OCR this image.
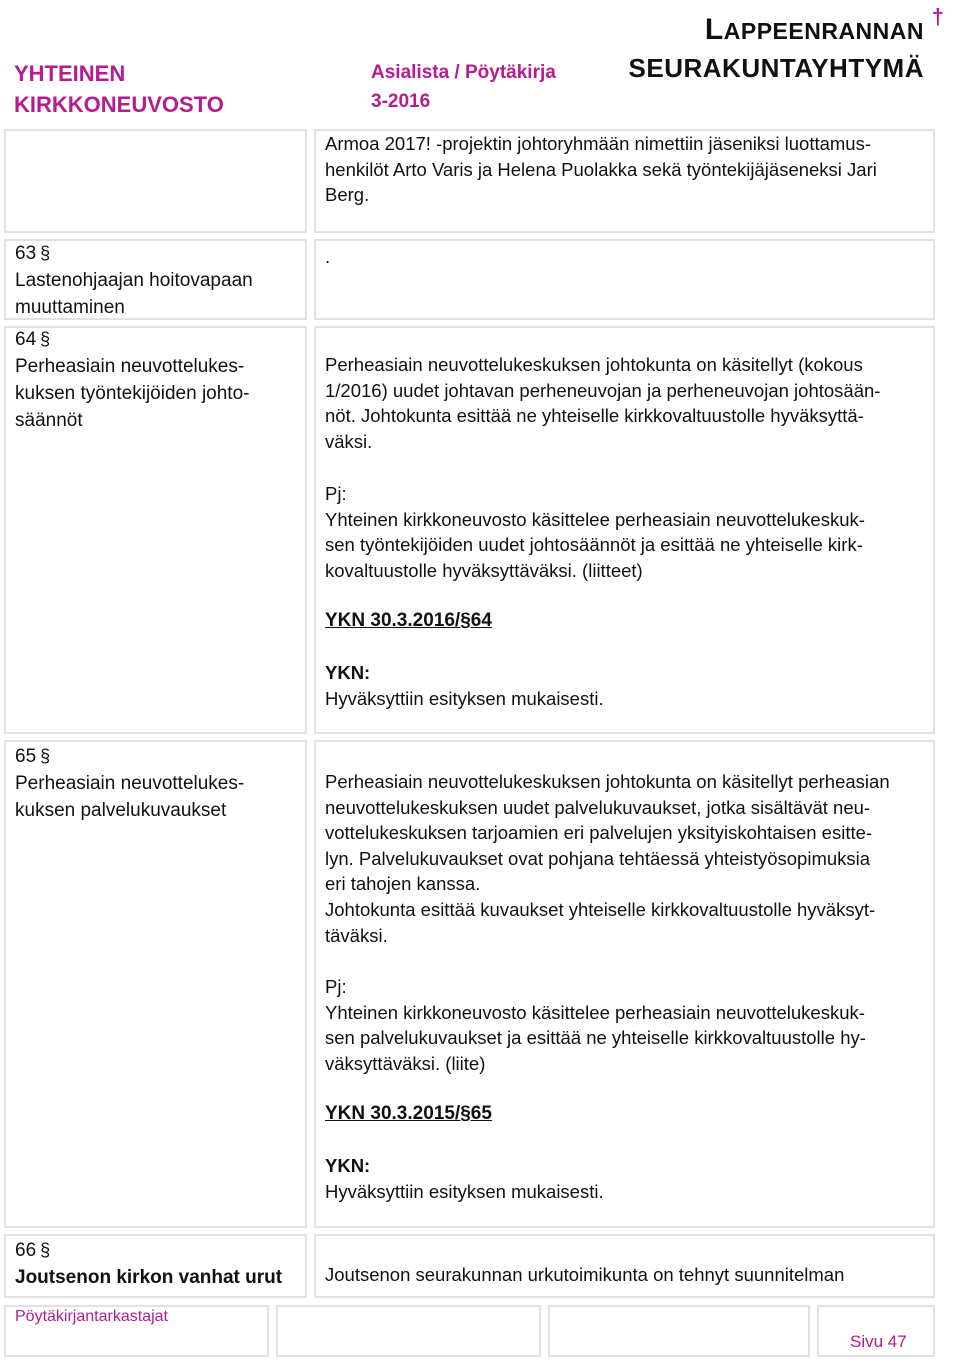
YHTEINEN
KIRKKONEUVOSTO
Asialista / Pöytäkirja
3-2016
†
LAPPEENRANNAN
SEURAKUNTAYHTYMÄ

Armoa 2017! -projektin johtoryhmään nimettiin jäseniksi luottamus-

henkilöt Arto Varis ja Helena Puolakka sekä työntekijäjäseneksi Jari

Berg.

63 §
Lastenohjaajan hoitovapaan
muuttaminen
.
64 §
Perheasiain neuvottelukes-
kuksen työntekijöiden johto-
säännöt

Perheasiain neuvottelukeskuksen johtokunta on käsitellyt (kokous

1/2016) uudet johtavan perheneuvojan ja perheneuvojan johtosään-

nöt. Johtokunta esittää ne yhteiselle kirkkovaltuustolle hyväksyttä-

väksi.

Pj:

Yhteinen kirkkoneuvosto käsittelee perheasiain neuvottelukeskuk-

sen työntekijöiden uudet johtosäännöt ja esittää ne yhteiselle kirk-

kovaltuustolle hyväksyttäväksi. (liitteet)

YKN 30.3.2016/§64

YKN:

Hyväksyttiin esityksen mukaisesti.

65 §
Perheasiain neuvottelukes-
kuksen palvelukuvaukset

Perheasiain neuvottelukeskuksen johtokunta on käsitellyt perheasian

neuvottelukeskuksen uudet palvelukuvaukset, jotka sisältävät neu-

vottelukeskuksen tarjoamien eri palvelujen yksityiskohtaisen esitte-

lyn. Palvelukuvaukset ovat pohjana tehtäessä yhteistyösopimuksia

eri tahojen kanssa.

Johtokunta esittää kuvaukset yhteiselle kirkkovaltuustolle hyväksyt-

täväksi.

Pj:

Yhteinen kirkkoneuvosto käsittelee perheasiain neuvottelukeskuk-

sen palvelukuvaukset ja esittää ne yhteiselle kirkkovaltuustolle hy-

väksyttäväksi. (liite)

YKN 30.3.2015/§65

YKN:

Hyväksyttiin esityksen mukaisesti.

66 §
Joutsenon kirkon vanhat urut Joutsenon seurakunnan urkutoimikunta on tehnyt suunnitelman
Pöytäkirjantarkastajat
Sivu 47
